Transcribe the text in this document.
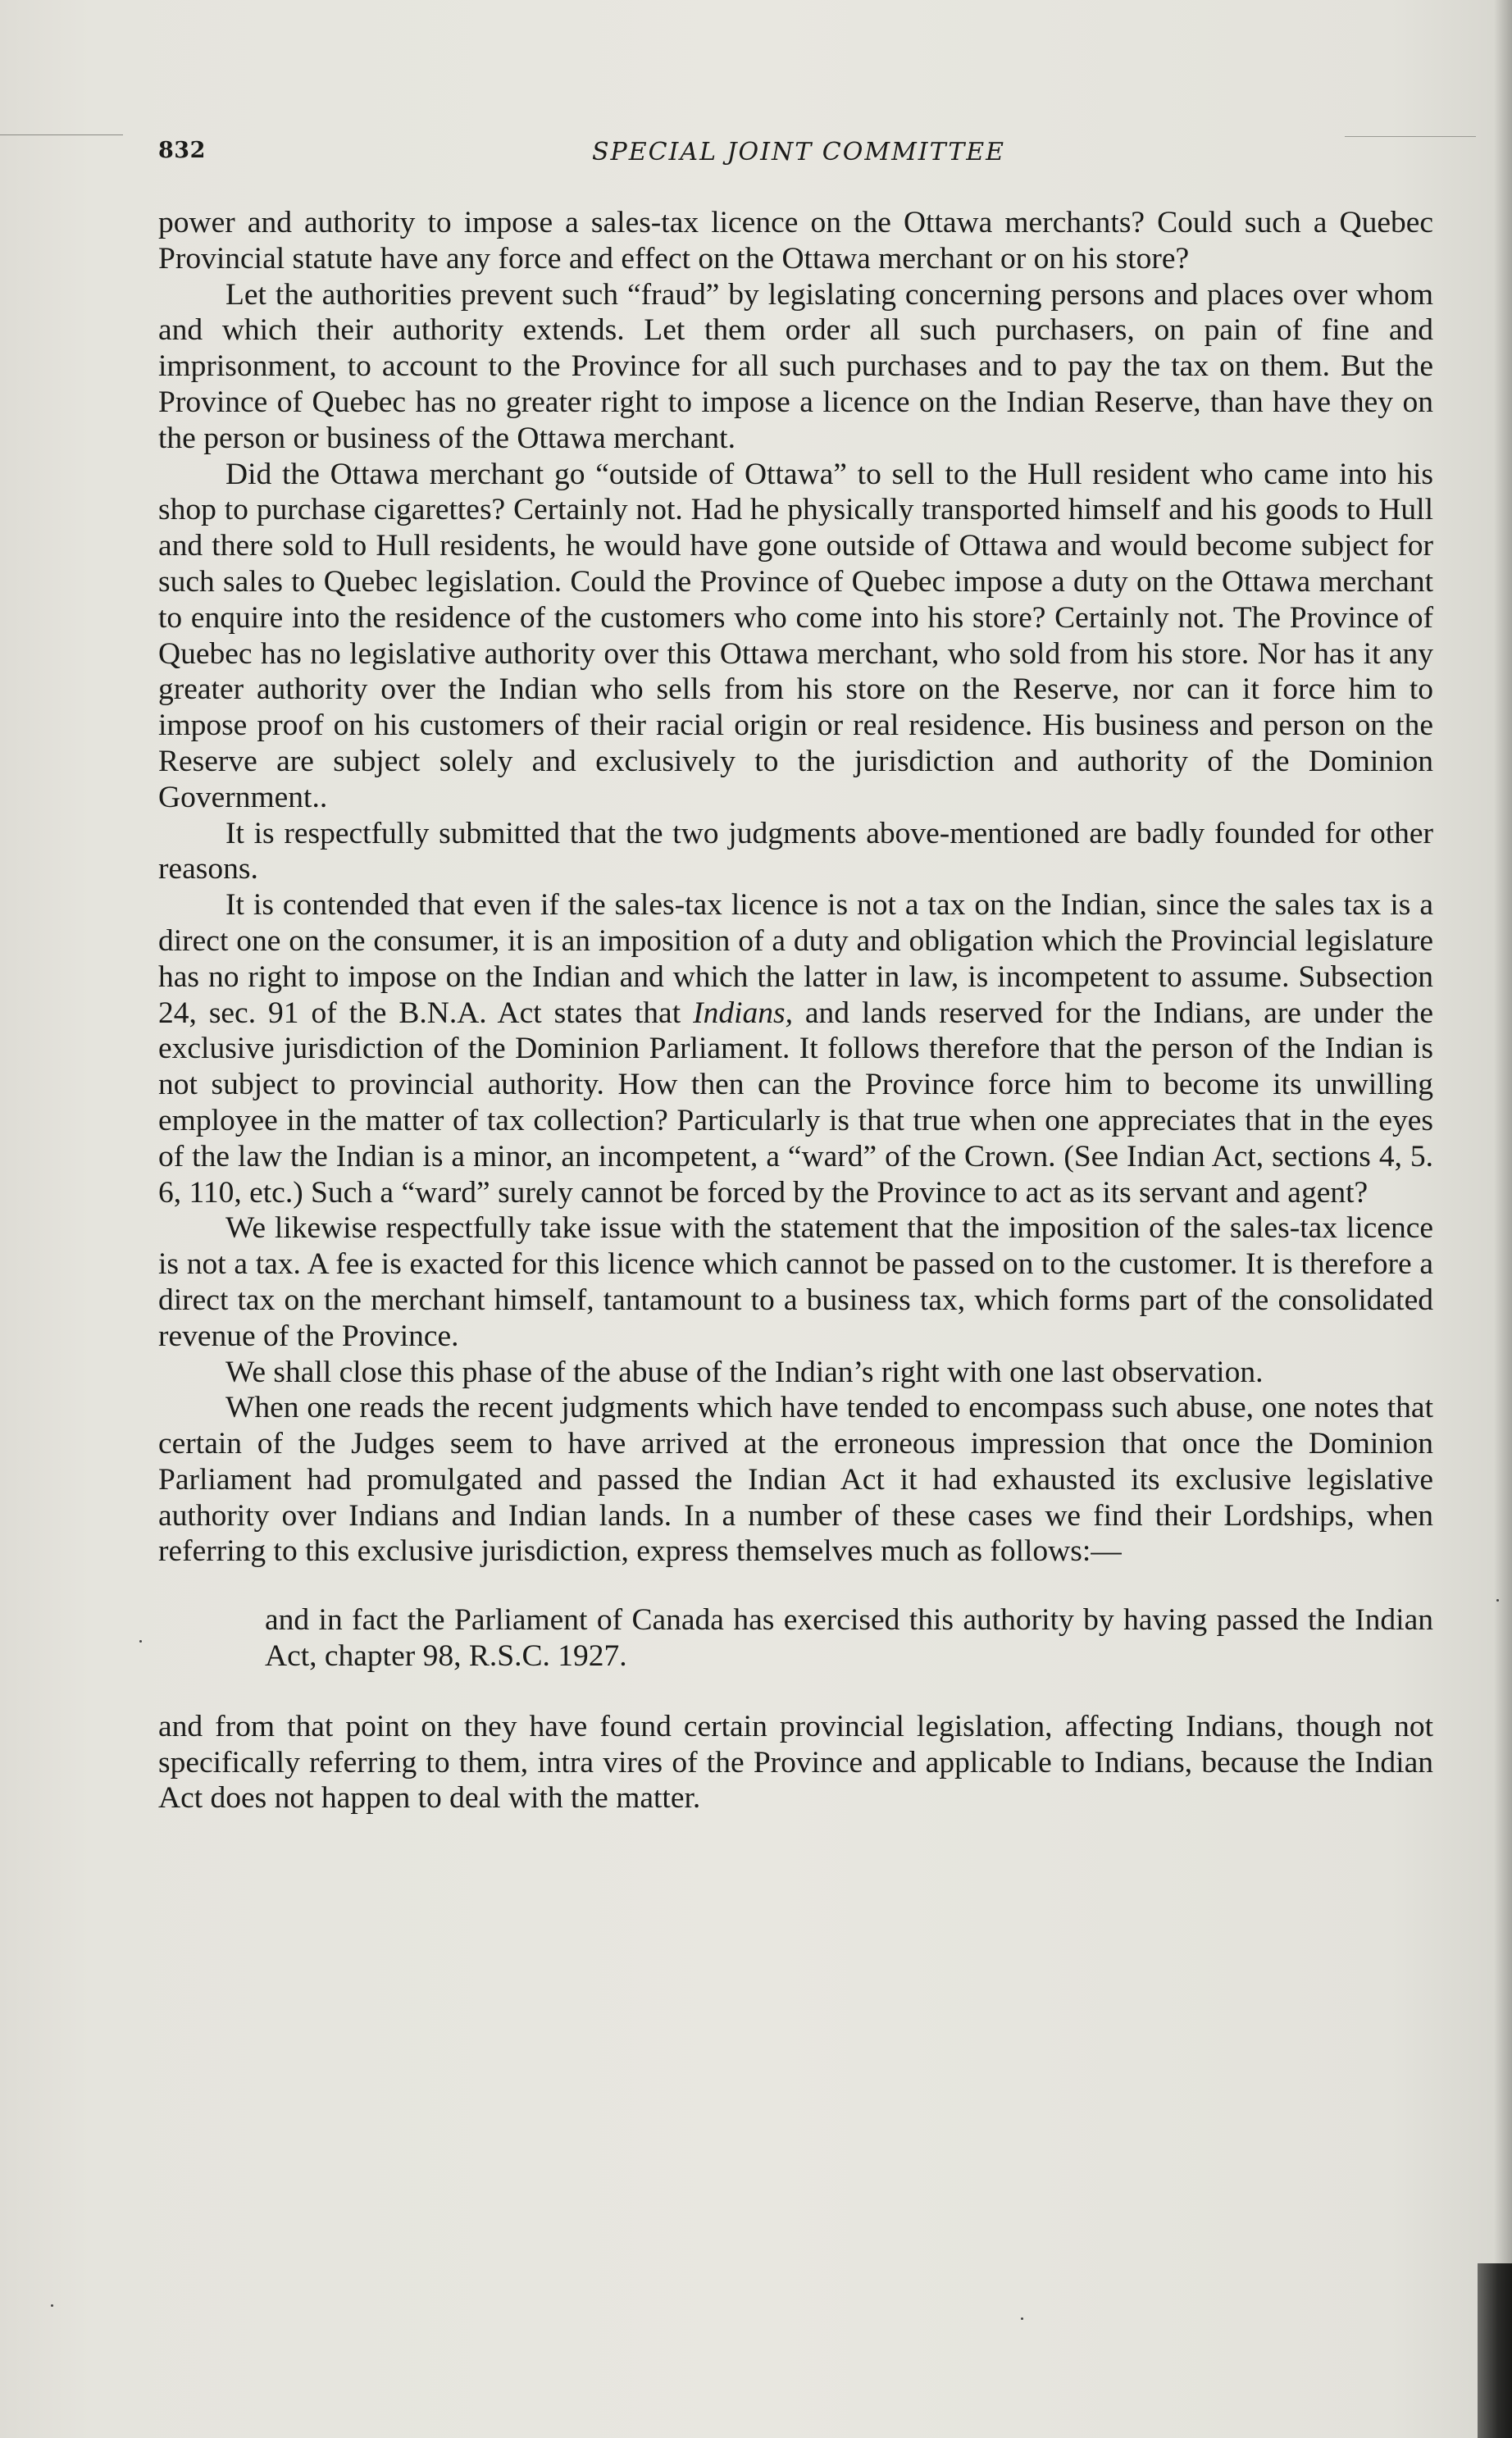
832	SPECIAL JOINT COMMITTEE

power and authority to impose a sales-tax licence on the Ottawa merchants? Could such a Quebec Provincial statute have any force and effect on the Ottawa merchant or on his store?

Let the authorities prevent such “fraud” by legislating concerning persons and places over whom and which their authority extends. Let them order all such purchasers, on pain of fine and imprisonment, to account to the Province for all such purchases and to pay the tax on them. But the Province of Quebec has no greater right to impose a licence on the Indian Reserve, than have they on the person or business of the Ottawa merchant.

Did the Ottawa merchant go “outside of Ottawa” to sell to the Hull resident who came into his shop to purchase cigarettes? Certainly not. Had he physically transported himself and his goods to Hull and there sold to Hull residents, he would have gone outside of Ottawa and would become subject for such sales to Quebec legislation. Could the Province of Quebec impose a duty on the Ottawa merchant to enquire into the residence of the customers who come into his store? Certainly not. The Province of Quebec has no legislative authority over this Ottawa merchant, who sold from his store. Nor has it any greater authority over the Indian who sells from his store on the Reserve, nor can it force him to impose proof on his customers of their racial origin or real residence. His business and person on the Reserve are subject solely and exclusively to the jurisdiction and authority of the Dominion Government..

It is respectfully submitted that the two judgments above-mentioned are badly founded for other reasons.

It is contended that even if the sales-tax licence is not a tax on the Indian, since the sales tax is a direct one on the consumer, it is an imposition of a duty and obligation which the Provincial legislature has no right to impose on the Indian and which the latter in law, is incompetent to assume. Subsection 24, sec. 91 of the B.N.A. Act states that Indians, and lands reserved for the Indians, are under the exclusive jurisdiction of the Dominion Parliament. It follows therefore that the person of the Indian is not subject to provincial authority. How then can the Province force him to become its unwilling employee in the matter of tax collection? Particularly is that true when one appreciates that in the eyes of the law the Indian is a minor, an incompetent, a “ward” of the Crown. (See Indian Act, sections 4, 5. 6, 110, etc.) Such a “ward” surely cannot be forced by the Province to act as its servant and agent?

We likewise respectfully take issue with the statement that the imposition of the sales-tax licence is not a tax. A fee is exacted for this licence which cannot be passed on to the customer. It is therefore a direct tax on the merchant himself, tantamount to a business tax, which forms part of the consolidated revenue of the Province.

We shall close this phase of the abuse of the Indian’s right with one last observation.

When one reads the recent judgments which have tended to encompass such abuse, one notes that certain of the Judges seem to have arrived at the erroneous impression that once the Dominion Parliament had promulgated and passed the Indian Act it had exhausted its exclusive legislative authority over Indians and Indian lands. In a number of these cases we find their Lordships, when referring to this exclusive jurisdiction, express themselves much as follows:—

and in fact the Parliament of Canada has exercised this authority by having passed the Indian Act, chapter 98, R.S.C. 1927.

and from that point on they have found certain provincial legislation, affecting Indians, though not specifically referring to them, intra vires of the Province and applicable to Indians, because the Indian Act does not happen to deal with the matter.
